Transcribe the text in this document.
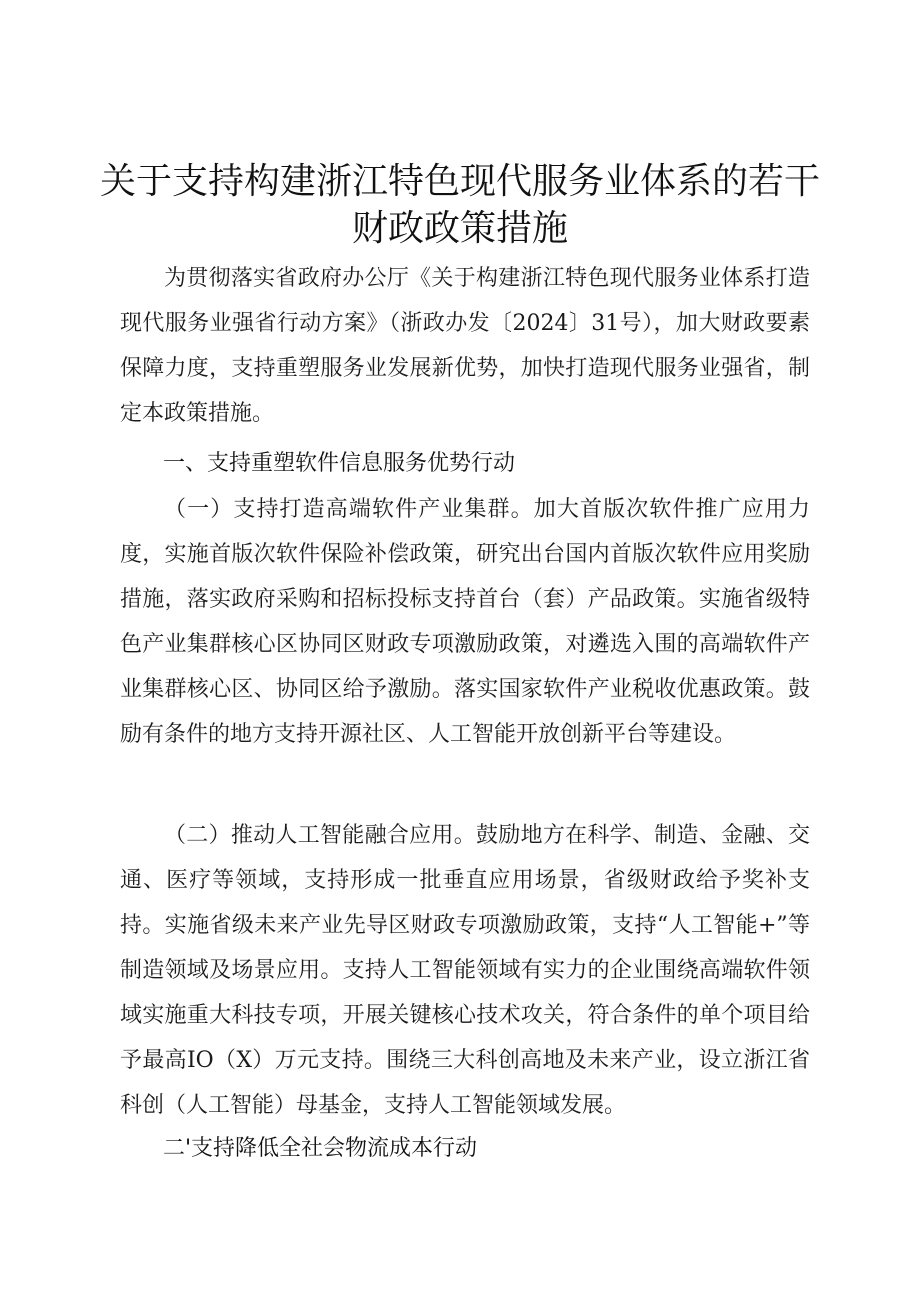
关于支持构建浙江特色现代服务业体系的若干
财政政策措施

为贯彻落实省政府办公厅《关于构建浙江特色现代服务业体系打造现代服务业强省行动方案》（浙政办发〔2024〕31号），加大财政要素保障力度，支持重塑服务业发展新优势，加快打造现代服务业强省，制定本政策措施。

一、支持重塑软件信息服务优势行动

（一）支持打造高端软件产业集群。加大首版次软件推广应用力度，实施首版次软件保险补偿政策，研究出台国内首版次软件应用奖励措施，落实政府采购和招标投标支持首台（套）产品政策。实施省级特色产业集群核心区协同区财政专项激励政策，对遴选入围的高端软件产业集群核心区、协同区给予激励。落实国家软件产业税收优惠政策。鼓励有条件的地方支持开源社区、人工智能开放创新平台等建设。

（二）推动人工智能融合应用。鼓励地方在科学、制造、金融、交通、医疗等领域，支持形成一批垂直应用场景，省级财政给予奖补支持。实施省级未来产业先导区财政专项激励政策，支持“人工智能+”等制造领域及场景应用。支持人工智能领域有实力的企业围绕高端软件领域实施重大科技专项，开展关键核心技术攻关，符合条件的单个项目给予最高IO（X）万元支持。围绕三大科创高地及未来产业，设立浙江省科创（人工智能）母基金，支持人工智能领域发展。

二'支持降低全社会物流成本行动
